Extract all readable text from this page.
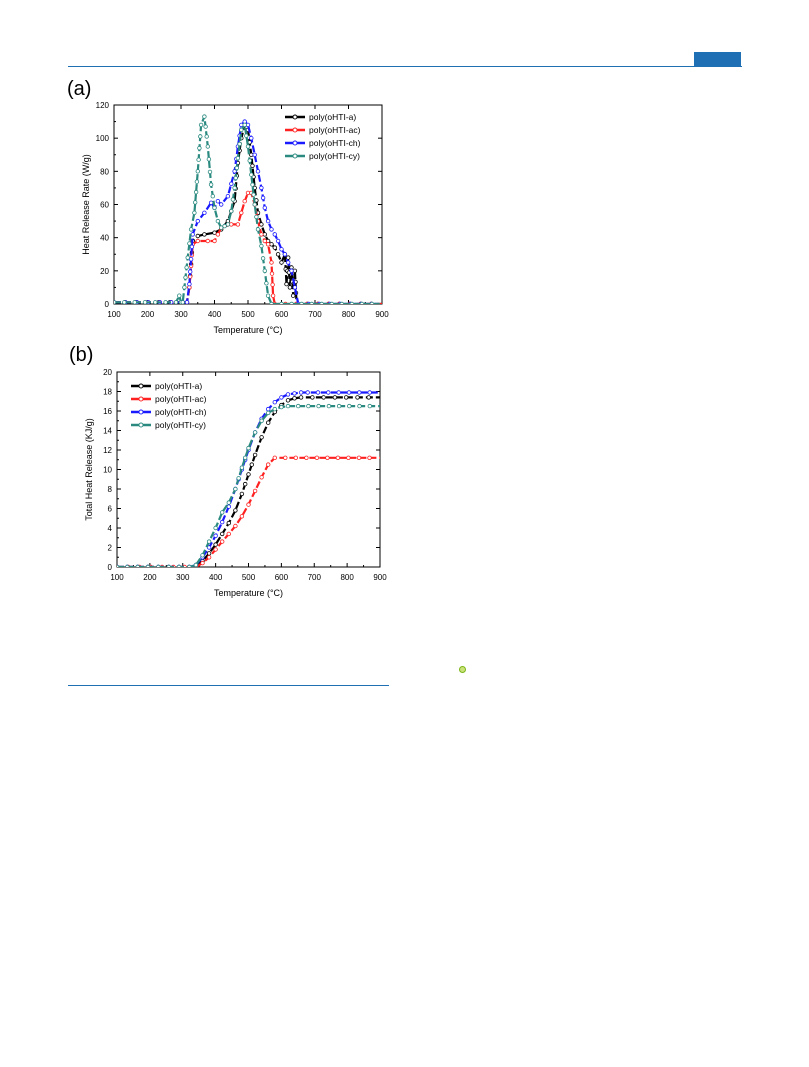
(a)
100	200	300	400	500	600	700	800	900
0
20
40
60
80
100
120
Temperature (°C)
Heat Release Rate (W/g)
poly(oHTI-a)
poly(oHTI-ac)
poly(oHTI-ch)
poly(oHTI-cy)
(b)
100 200 300 400 500 600 700 800 900
0
2
4
6
8
10
12
14
16
18
20
Temperature (°C)
Total Heat Release (KJ/g)
poly(oHTI-a)
poly(oHTI-ac)
poly(oHTI-ch)
poly(oHTI-cy)
